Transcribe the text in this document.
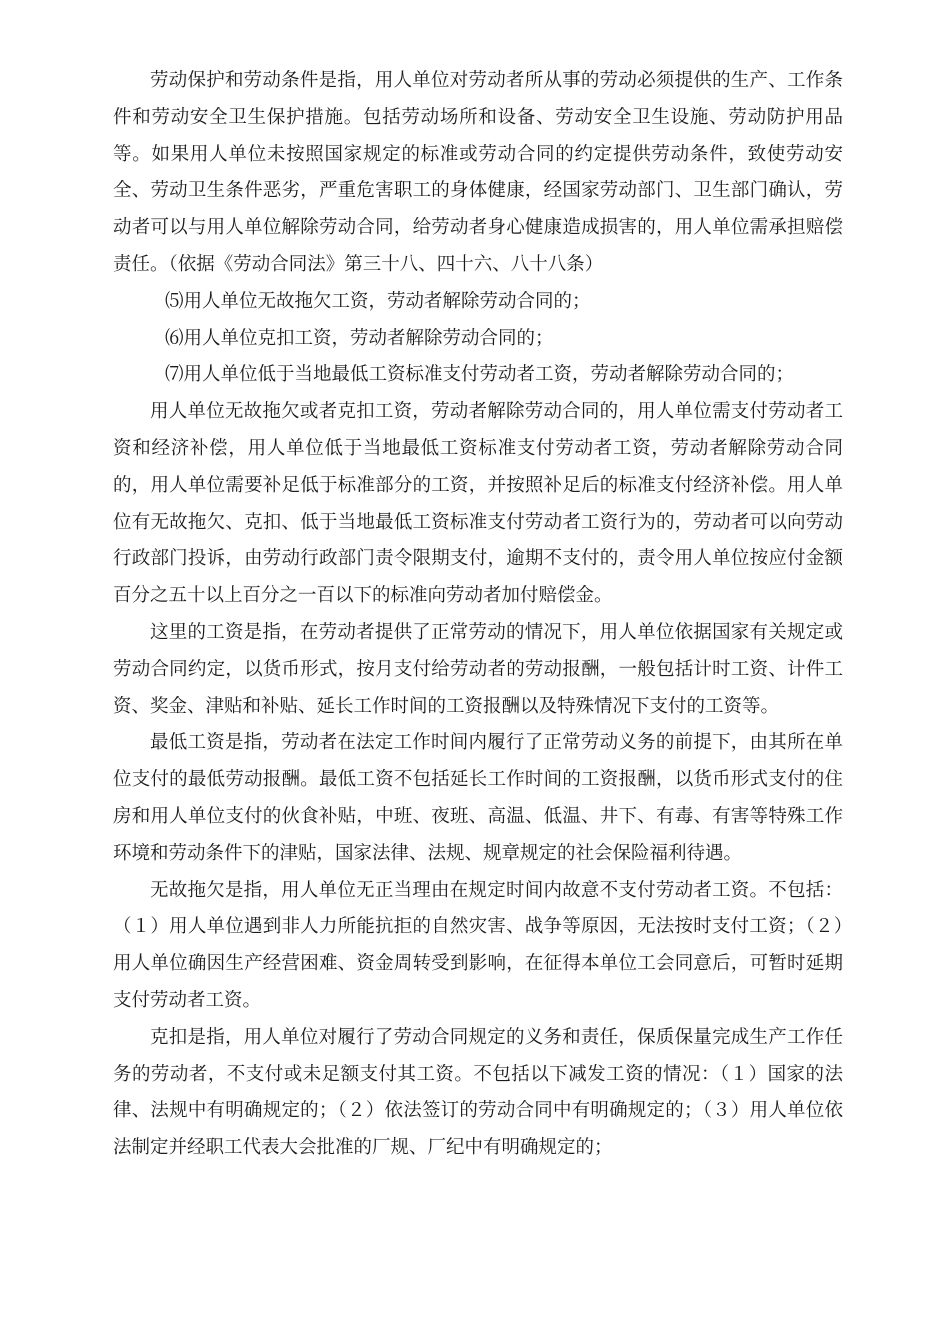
劳动保护和劳动条件是指，用人单位对劳动者所从事的劳动必须提供的生产、工作条件和劳动安全卫生保护措施。包括劳动场所和设备、劳动安全卫生设施、劳动防护用品等。如果用人单位未按照国家规定的标准或劳动合同的约定提供劳动条件，致使劳动安全、劳动卫生条件恶劣，严重危害职工的身体健康，经国家劳动部门、卫生部门确认，劳动者可以与用人单位解除劳动合同，给劳动者身心健康造成损害的，用人单位需承担赔偿责任。（依据《劳动合同法》第三十八、四十六、八十八条）

⑸用人单位无故拖欠工资，劳动者解除劳动合同的；

⑹用人单位克扣工资，劳动者解除劳动合同的；

⑺用人单位低于当地最低工资标准支付劳动者工资，劳动者解除劳动合同的；

用人单位无故拖欠或者克扣工资，劳动者解除劳动合同的，用人单位需支付劳动者工资和经济补偿，用人单位低于当地最低工资标准支付劳动者工资，劳动者解除劳动合同的，用人单位需要补足低于标准部分的工资，并按照补足后的标准支付经济补偿。用人单位有无故拖欠、克扣、低于当地最低工资标准支付劳动者工资行为的，劳动者可以向劳动行政部门投诉，由劳动行政部门责令限期支付，逾期不支付的，责令用人单位按应付金额百分之五十以上百分之一百以下的标准向劳动者加付赔偿金。

这里的工资是指，在劳动者提供了正常劳动的情况下，用人单位依据国家有关规定或劳动合同约定，以货币形式，按月支付给劳动者的劳动报酬，一般包括计时工资、计件工资、奖金、津贴和补贴、延长工作时间的工资报酬以及特殊情况下支付的工资等。

最低工资是指，劳动者在法定工作时间内履行了正常劳动义务的前提下，由其所在单位支付的最低劳动报酬。最低工资不包括延长工作时间的工资报酬，以货币形式支付的住房和用人单位支付的伙食补贴，中班、夜班、高温、低温、井下、有毒、有害等特殊工作环境和劳动条件下的津贴，国家法律、法规、规章规定的社会保险福利待遇。

无故拖欠是指，用人单位无正当理由在规定时间内故意不支付劳动者工资。不包括：（１）用人单位遇到非人力所能抗拒的自然灾害、战争等原因，无法按时支付工资；（２）用人单位确因生产经营困难、资金周转受到影响，在征得本单位工会同意后，可暂时延期支付劳动者工资。

克扣是指，用人单位对履行了劳动合同规定的义务和责任，保质保量完成生产工作任务的劳动者，不支付或未足额支付其工资。不包括以下减发工资的情况：（１）国家的法律、法规中有明确规定的；（２）依法签订的劳动合同中有明确规定的；（３）用人单位依法制定并经职工代表大会批准的厂规、厂纪中有明确规定的；
